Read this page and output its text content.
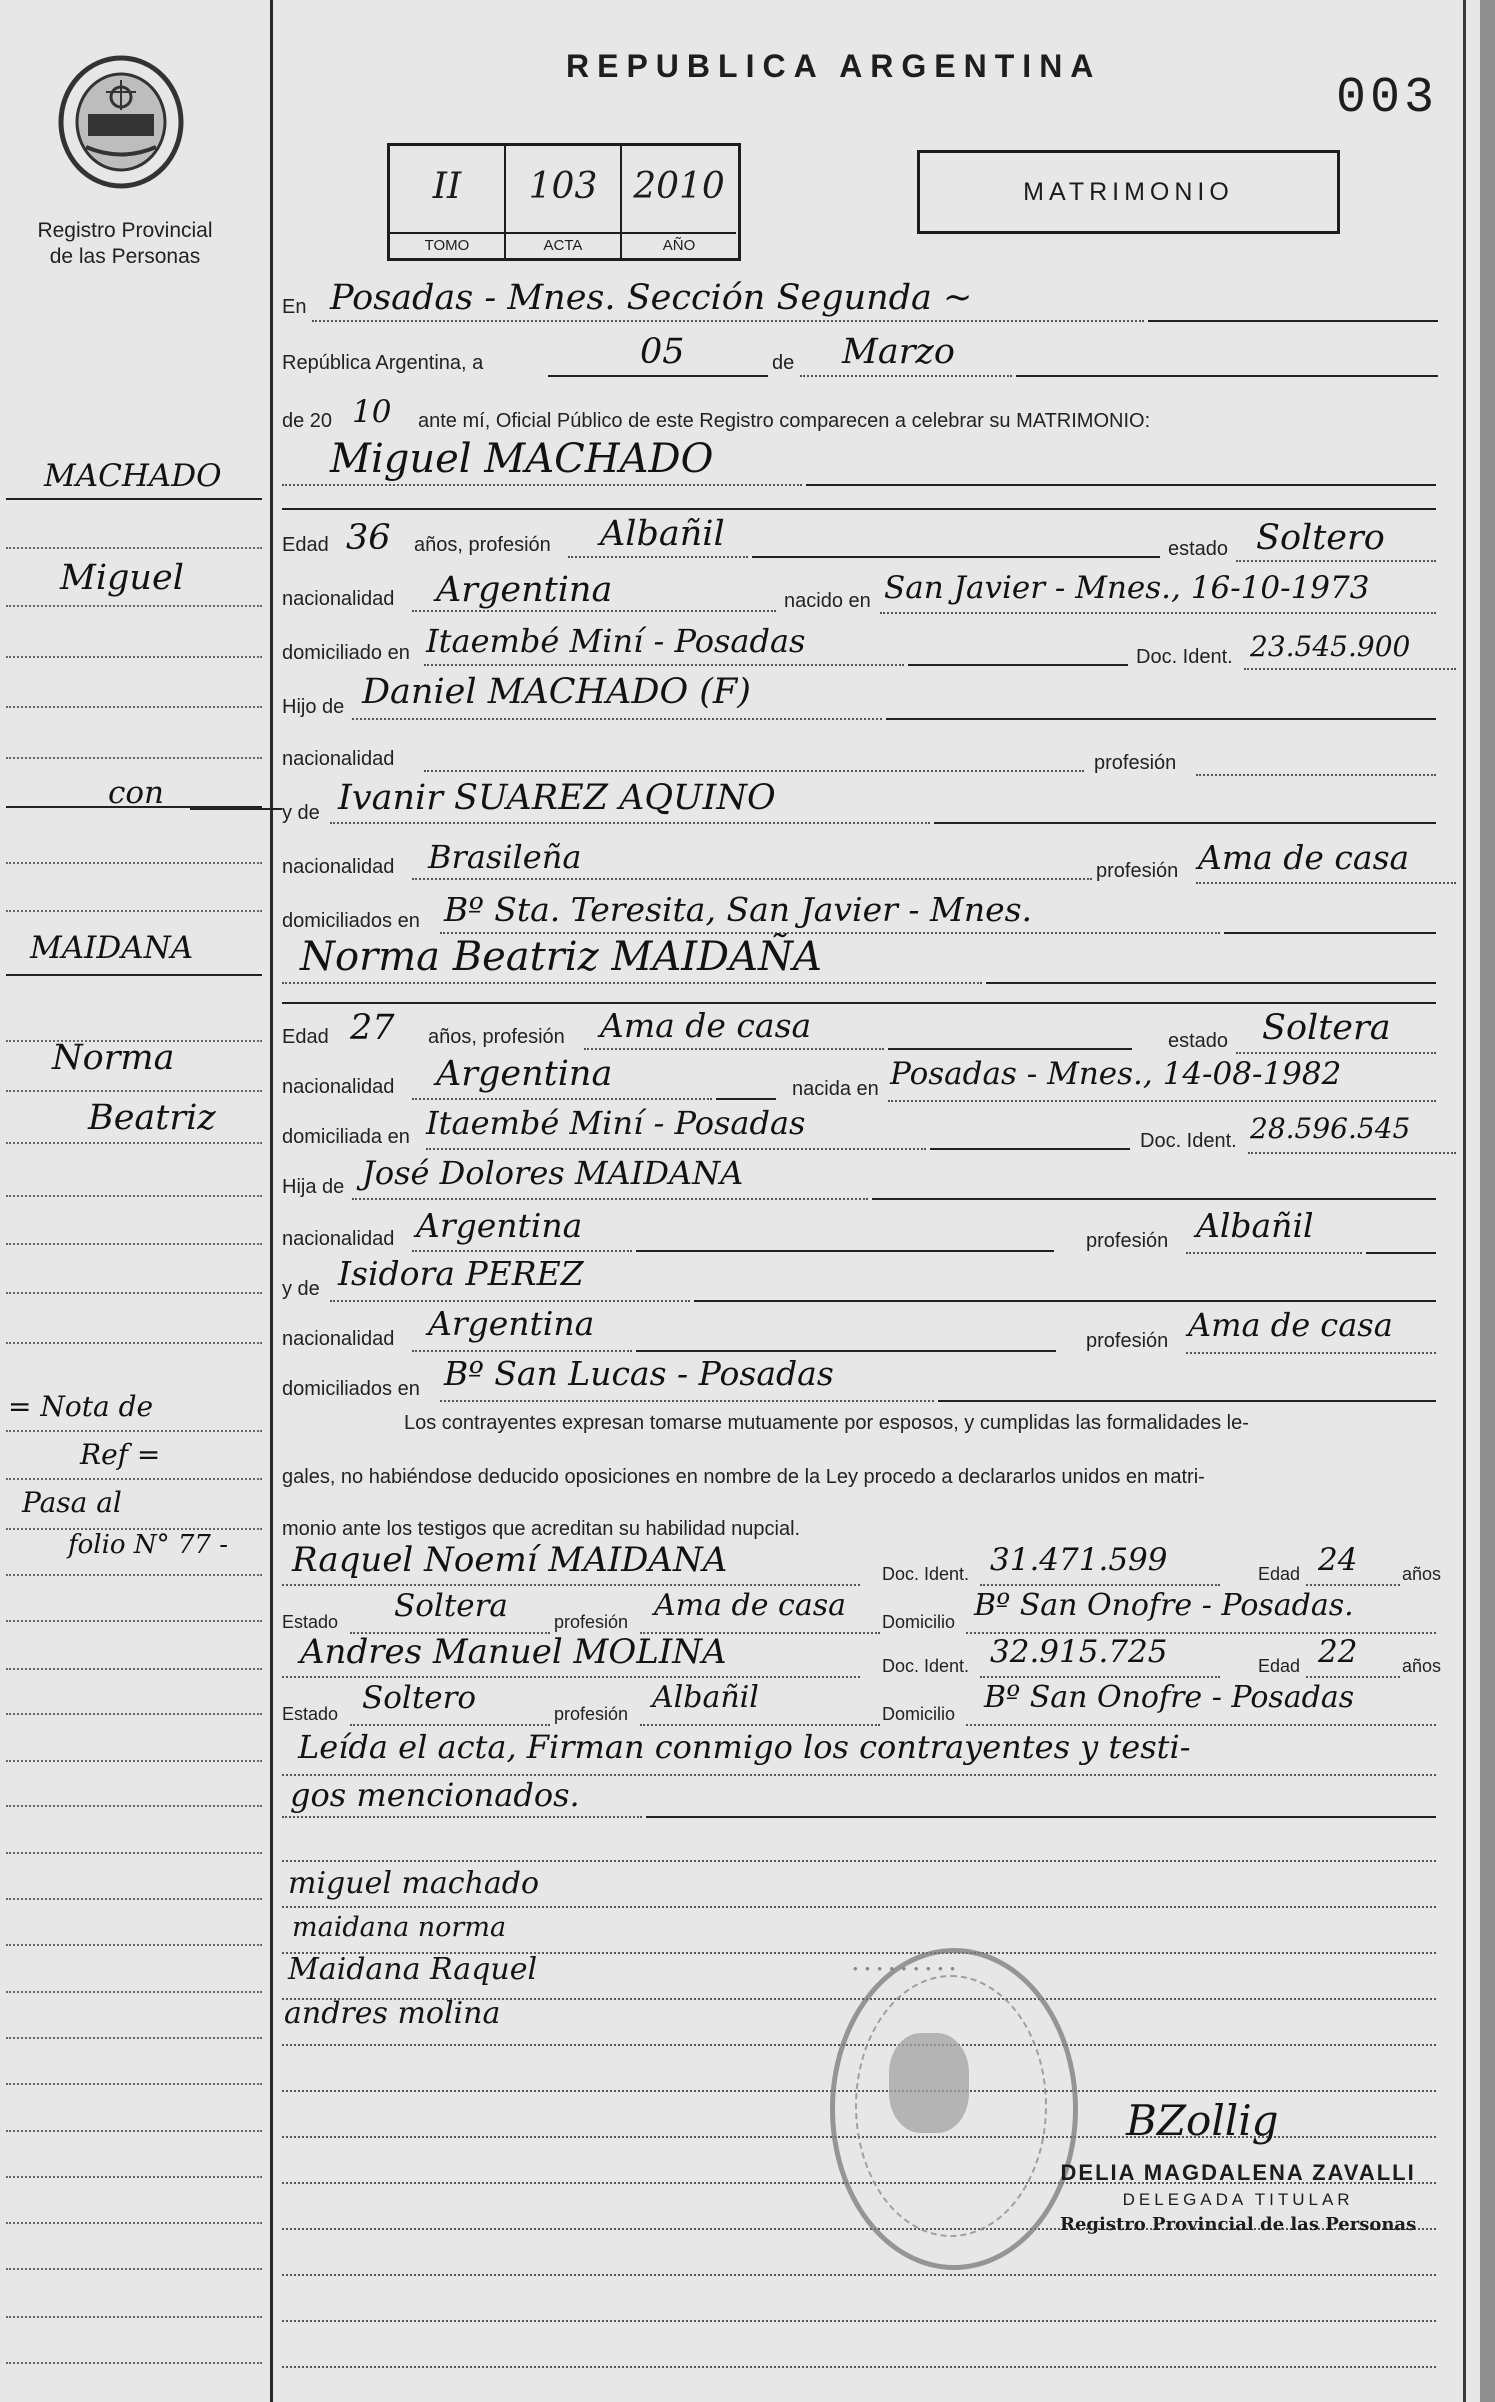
Registro Provincial
de las Personas
MACHADO
Miguel
con
MAIDANA
Norma
Beatriz
= Nota de
Ref =
Pasa al
folio N° 77 -
REPUBLICA ARGENTINA
003
II
TOMO
103
ACTA
2010
AÑO
MATRIMONIO
En Posadas - Mnes. Sección Segunda ~
República Argentina, a	de
05	Marzo
de 20 10 ante mí, Oficial Público de este Registro comparecen a celebrar su MATRIMONIO:
Miguel MACHADO
Edad 36 años, profesión Albañil	estado Soltero
nacionalidad Argentina	nacido en San Javier - Mnes., 16-10-1973
domiciliado en Itaembé Miní - Posadas	Doc. Ident. 23.545.900
Hijo de Daniel MACHADO (F)
nacionalidad	profesión
y de Ivanir SUAREZ AQUINO
nacionalidad Brasileña	profesión Ama de casa
domiciliados en Bº Sta. Teresita, San Javier - Mnes.
Norma Beatriz MAIDAÑA
Edad 27 años, profesión Ama de casa	estado Soltera
nacionalidad Argentina	nacida en Posadas - Mnes., 14-08-1982
domiciliada en Itaembé Miní - Posadas	Doc. Ident. 28.596.545
Hija de José Dolores MAIDANA
nacionalidad Argentina	profesión Albañil
y de Isidora PEREZ
nacionalidad Argentina	profesión Ama de casa
domiciliados en Bº San Lucas - Posadas
Los contrayentes expresan tomarse mutuamente por esposos, y cumplidas las formalidades le-
gales, no habiéndose deducido oposiciones en nombre de la Ley procedo a declararlos unidos en matri-
monio ante los testigos que acreditan su habilidad nupcial.
Raquel Noemí MAIDANA	Doc. Ident. 31.471.599	Edad 24 años
Estado Soltera	profesión Ama de casa Domicilio Bº San Onofre - Posadas.
Andres Manuel MOLINA	Doc. Ident. 32.915.725	Edad 22 años
Estado Soltero	profesión Albañil	Domicilio Bº San Onofre - Posadas
Leída el acta, Firman conmigo los contrayentes y testi-
gos mencionados.
miguel machado
maidana norma
Maidana Raquel
andres molina
• • • • • • • • •
BZollig
DELIA MAGDALENA ZAVALLI
DELEGADA TITULAR
Registro Provincial de las Personas
